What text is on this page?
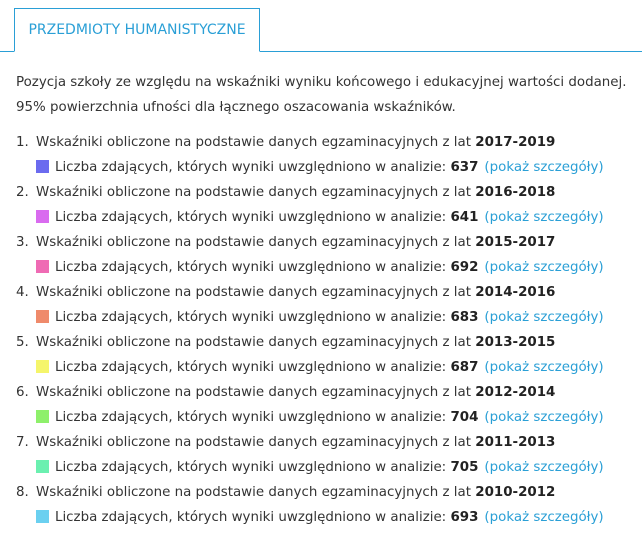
PRZEDMIOTY HUMANISTYCZNE

Pozycja szkoły ze względu na wskaźniki wyniku końcowego i edukacyjnej wartości dodanej.

95% powierzchnia ufności dla łącznego oszacowania wskaźników.

1. Wskaźniki obliczone na podstawie danych egzaminacyjnych z lat 2017-2019
Liczba zdających, których wyniki uwzględniono w analizie: 637 (pokaż szczegóły)
2. Wskaźniki obliczone na podstawie danych egzaminacyjnych z lat 2016-2018
Liczba zdających, których wyniki uwzględniono w analizie: 641 (pokaż szczegóły)
3. Wskaźniki obliczone na podstawie danych egzaminacyjnych z lat 2015-2017
Liczba zdających, których wyniki uwzględniono w analizie: 692 (pokaż szczegóły)
4. Wskaźniki obliczone na podstawie danych egzaminacyjnych z lat 2014-2016
Liczba zdających, których wyniki uwzględniono w analizie: 683 (pokaż szczegóły)
5. Wskaźniki obliczone na podstawie danych egzaminacyjnych z lat 2013-2015
Liczba zdających, których wyniki uwzględniono w analizie: 687 (pokaż szczegóły)
6. Wskaźniki obliczone na podstawie danych egzaminacyjnych z lat 2012-2014
Liczba zdających, których wyniki uwzględniono w analizie: 704 (pokaż szczegóły)
7. Wskaźniki obliczone na podstawie danych egzaminacyjnych z lat 2011-2013
Liczba zdających, których wyniki uwzględniono w analizie: 705 (pokaż szczegóły)
8. Wskaźniki obliczone na podstawie danych egzaminacyjnych z lat 2010-2012
Liczba zdających, których wyniki uwzględniono w analizie: 693 (pokaż szczegóły)
